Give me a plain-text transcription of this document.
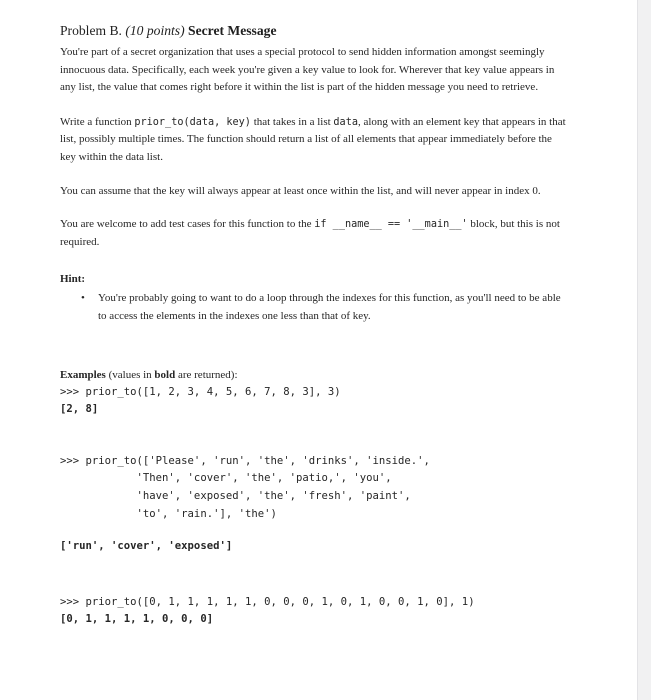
Problem B. (10 points) Secret Message

You're part of a secret organization that uses a special protocol to send hidden information amongst seemingly innocuous data. Specifically, each week you're given a key value to look for. Wherever that key value appears in any list, the value that comes right before it within the list is part of the hidden message you need to retrieve.

Write a function prior_to(data, key) that takes in a list data, along with an element key that appears in that list, possibly multiple times. The function should return a list of all elements that appear immediately before the key within the data list.

You can assume that the key will always appear at least once within the list, and will never appear in index 0.

You are welcome to add test cases for this function to the if __name__ == '__main__' block, but this is not required.

Hint:
• You're probably going to want to do a loop through the indexes for this function, as you'll need to be able to access the elements in the indexes one less than that of key.
Examples (values in bold are returned):
>>> prior_to([1, 2, 3, 4, 5, 6, 7, 8, 3], 3)
[2, 8]
>>> prior_to(['Please', 'run', 'the', 'drinks', 'inside.',
'Then', 'cover', 'the', 'patio,', 'you',
'have', 'exposed', 'the', 'fresh', 'paint',
'to', 'rain.'], 'the')
['run', 'cover', 'exposed']
>>> prior_to([0, 1, 1, 1, 1, 1, 0, 0, 0, 1, 0, 1, 0, 0, 1, 0], 1)
[0, 1, 1, 1, 1, 0, 0, 0]
